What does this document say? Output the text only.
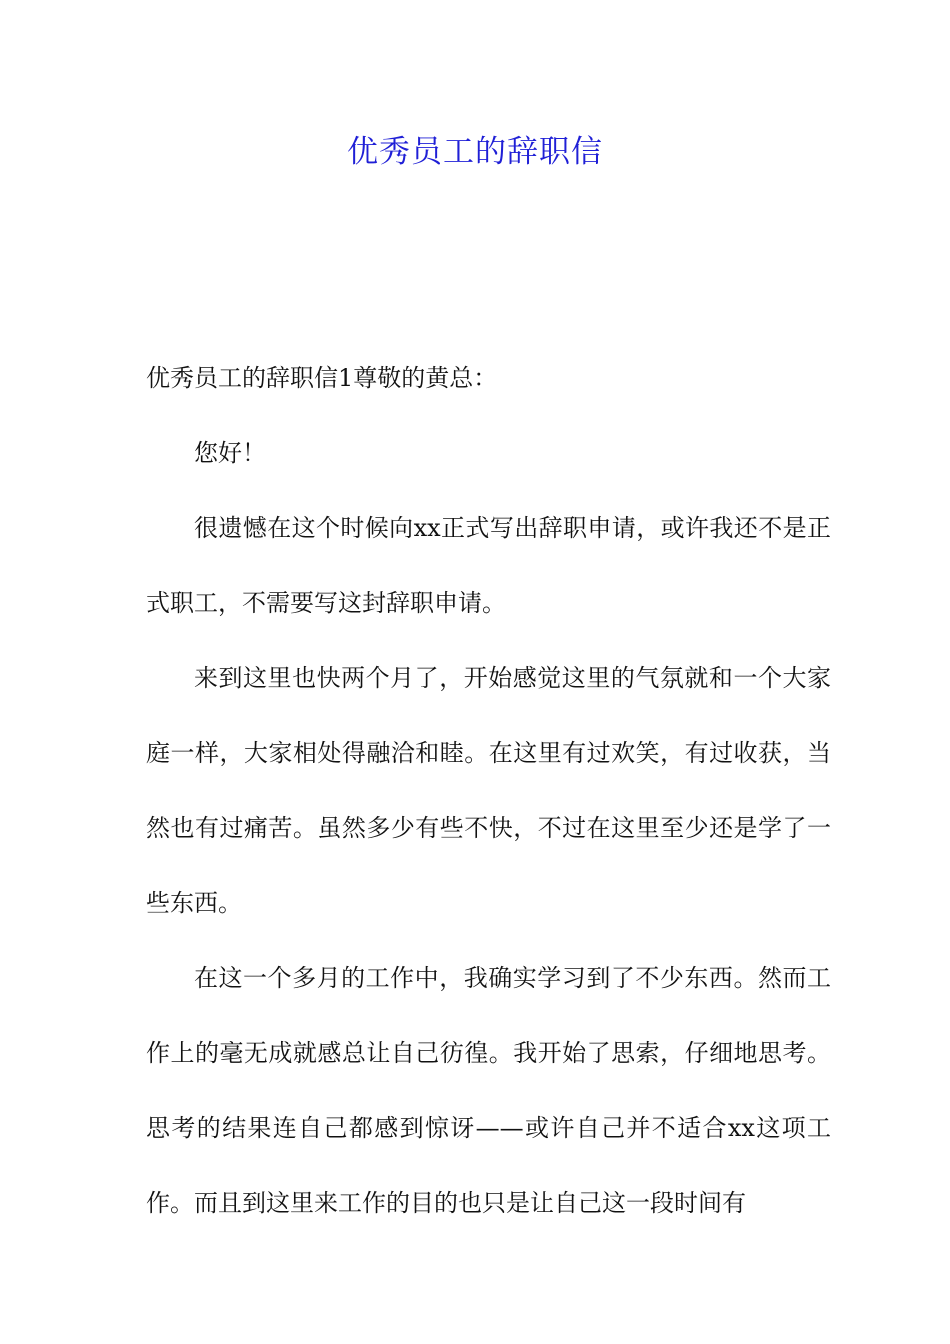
优秀员工的辞职信

优秀员工的辞职信1尊敬的黄总：

您好！

很遗憾在这个时候向xx正式写出辞职申请，或许我还不是正式职工，不需要写这封辞职申请。

来到这里也快两个月了，开始感觉这里的气氛就和一个大家庭一样，大家相处得融洽和睦。在这里有过欢笑，有过收获，当然也有过痛苦。虽然多少有些不快，不过在这里至少还是学了一些东西。

在这一个多月的工作中，我确实学习到了不少东西。然而工作上的毫无成就感总让自己彷徨。我开始了思索，仔细地思考。思考的结果连自己都感到惊讶——或许自己并不适合xx这项工作。而且到这里来工作的目的也只是让自己这一段时间有
